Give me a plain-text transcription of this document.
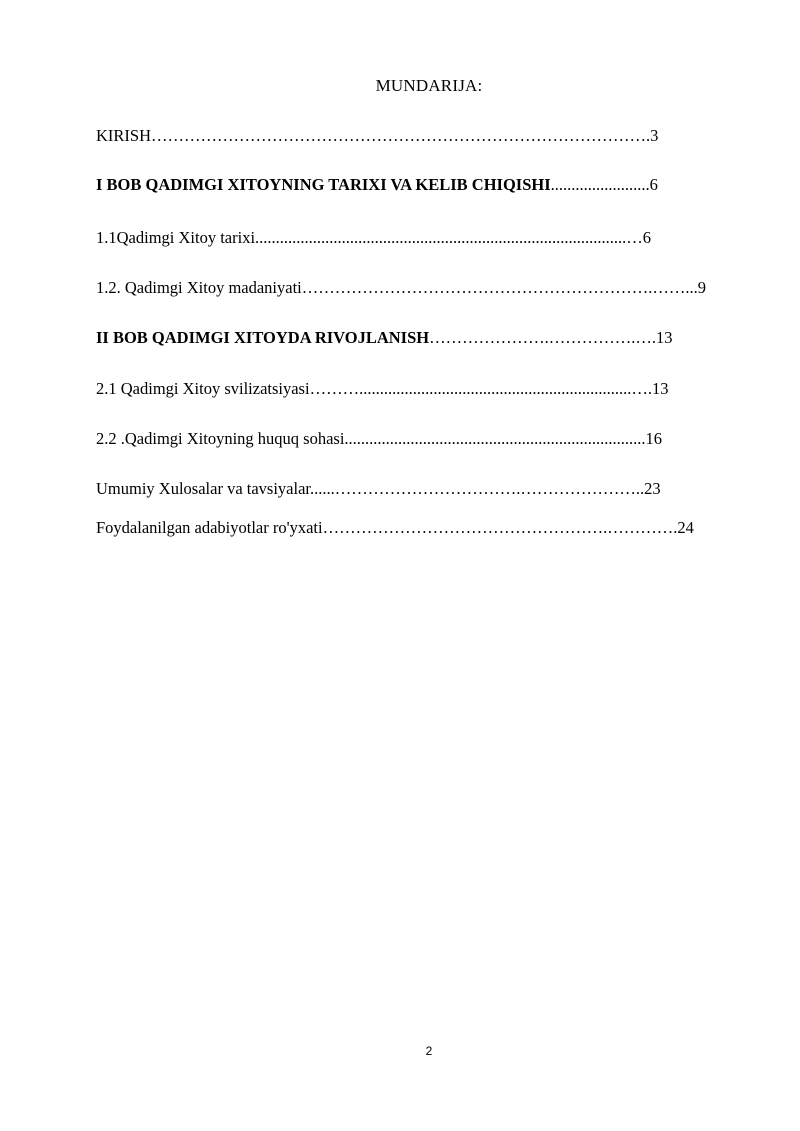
MUNDARIJA:
KIRISH……………………………………………………………………………….3
I BOB QADIMGI XITOYNING TARIXI VA KELIB CHIQISHI........................6
1.1Qadimgi Xitoy tarixi..........................................................................................…6
1.2. Qadimgi Xitoy madaniyati……………………………………………………….……...9
II BOB QADIMGI XITOYDA RIVOJLANISH………………….…………….….13
2.1 Qadimgi Xitoy svilizatsiyasi………..................................................................….13
2.2 .Qadimgi Xitoyning huquq sohasi.........................................................................16
Umumiy Xulosalar va tavsiyalar......…………………………….…………………..23
Foydalanilgan adabiyotlar ro'yxati…………………………………………….………….24
2
